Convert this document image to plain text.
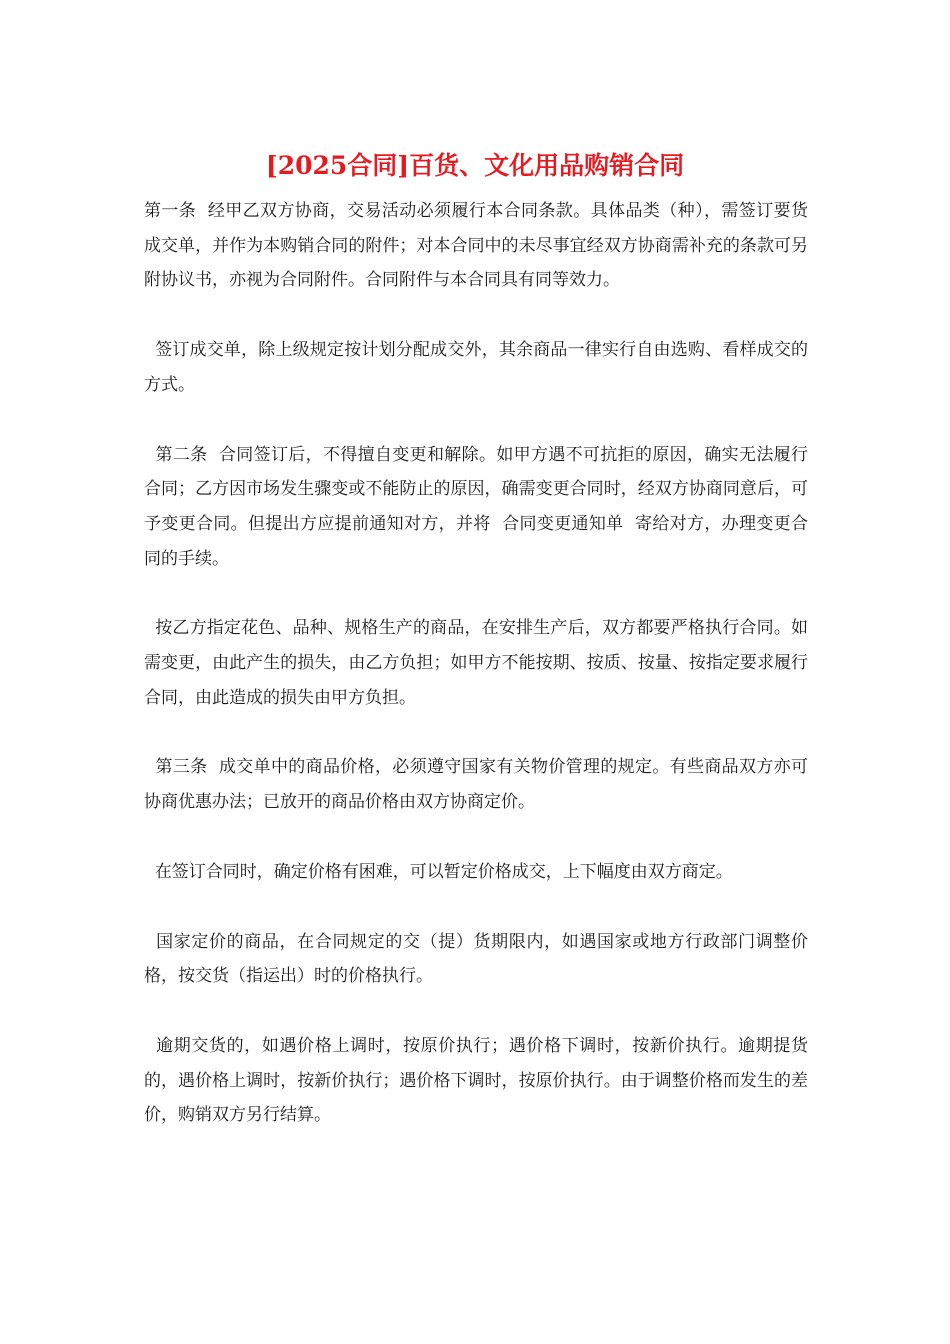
[2025合同]百货、文化用品购销合同

第一条  经甲乙双方协商，交易活动必须履行本合同条款。具体品类（种），需签订要货成交单，并作为本购销合同的附件；对本合同中的未尽事宜经双方协商需补充的条款可另附协议书，亦视为合同附件。合同附件与本合同具有同等效力。

签订成交单，除上级规定按计划分配成交外，其余商品一律实行自由选购、看样成交的方式。

第二条  合同签订后，不得擅自变更和解除。如甲方遇不可抗拒的原因，确实无法履行合同；乙方因市场发生骤变或不能防止的原因，确需变更合同时，经双方协商同意后，可予变更合同。但提出方应提前通知对方，并将  合同变更通知单  寄给对方，办理变更合同的手续。

按乙方指定花色、品种、规格生产的商品，在安排生产后，双方都要严格执行合同。如需变更，由此产生的损失，由乙方负担；如甲方不能按期、按质、按量、按指定要求履行合同，由此造成的损失由甲方负担。

第三条  成交单中的商品价格，必须遵守国家有关物价管理的规定。有些商品双方亦可协商优惠办法；已放开的商品价格由双方协商定价。

在签订合同时，确定价格有困难，可以暂定价格成交，上下幅度由双方商定。

国家定价的商品，在合同规定的交（提）货期限内，如遇国家或地方行政部门调整价格，按交货（指运出）时的价格执行。

逾期交货的，如遇价格上调时，按原价执行；遇价格下调时，按新价执行。逾期提货的，遇价格上调时，按新价执行；遇价格下调时，按原价执行。由于调整价格而发生的差价，购销双方另行结算。
